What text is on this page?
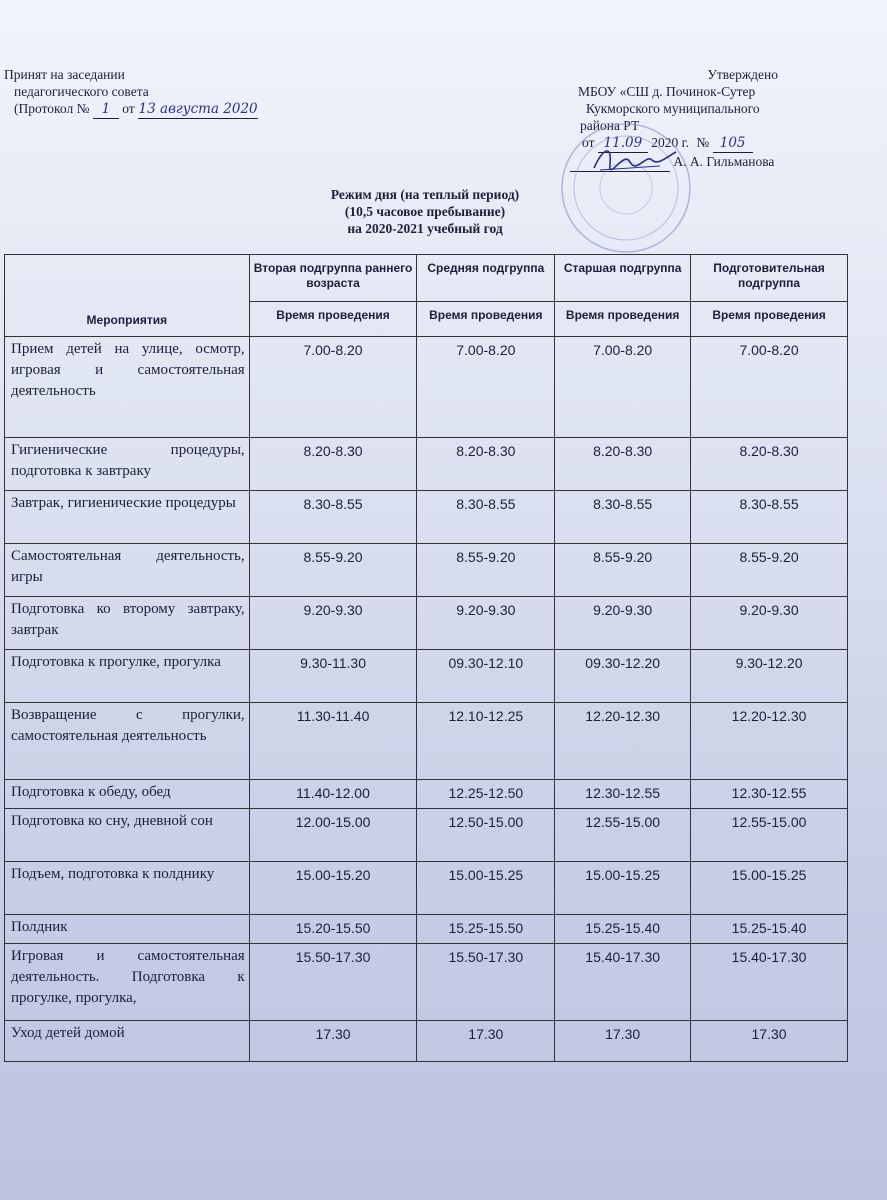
Принят на заседании
педагогического совета
(Протокол № 1 от 13 августа 2020
Утверждено
МБОУ «СШ д. Починок-Сутер
Кукморского муниципального
района РТ
от 11.09 2020 г. № 105
А. А. Гильманова
Режим дня (на теплый период)
(10,5 часовое пребывание)
на 2020-2021 учебный год
Мероприятия	Вторая подгруппа раннего возраста	Средняя подгруппа	Старшая подгруппа	Подготовительная подгруппа
	Время проведения	Время проведения	Время проведения	Время проведения
Прием детей на улице, осмотр, игровая и самостоятельная деятельность	7.00-8.20	7.00-8.20	7.00-8.20	7.00-8.20
Гигиенические процедуры, подготовка к завтраку	8.20-8.30	8.20-8.30	8.20-8.30	8.20-8.30
Завтрак, гигиенические процедуры	8.30-8.55	8.30-8.55	8.30-8.55	8.30-8.55
Самостоятельная деятельность, игры	8.55-9.20	8.55-9.20	8.55-9.20	8.55-9.20
Подготовка ко второму завтраку, завтрак	9.20-9.30	9.20-9.30	9.20-9.30	9.20-9.30
Подготовка к прогулке, прогулка	9.30-11.30	09.30-12.10	09.30-12.20	9.30-12.20
Возвращение с прогулки, самостоятельная деятельность	11.30-11.40	12.10-12.25	12.20-12.30	12.20-12.30
Подготовка к обеду, обед	11.40-12.00	12.25-12.50	12.30-12.55	12.30-12.55
Подготовка ко сну, дневной сон	12.00-15.00	12.50-15.00	12.55-15.00	12.55-15.00
Подъем, подготовка к полднику	15.00-15.20	15.00-15.25	15.00-15.25	15.00-15.25
Полдник	15.20-15.50	15.25-15.50	15.25-15.40	15.25-15.40
Игровая и самостоятельная деятельность. Подготовка к прогулке, прогулка,	15.50-17.30	15.50-17.30	15.40-17.30	15.40-17.30
Уход детей домой	17.30	17.30	17.30	17.30
